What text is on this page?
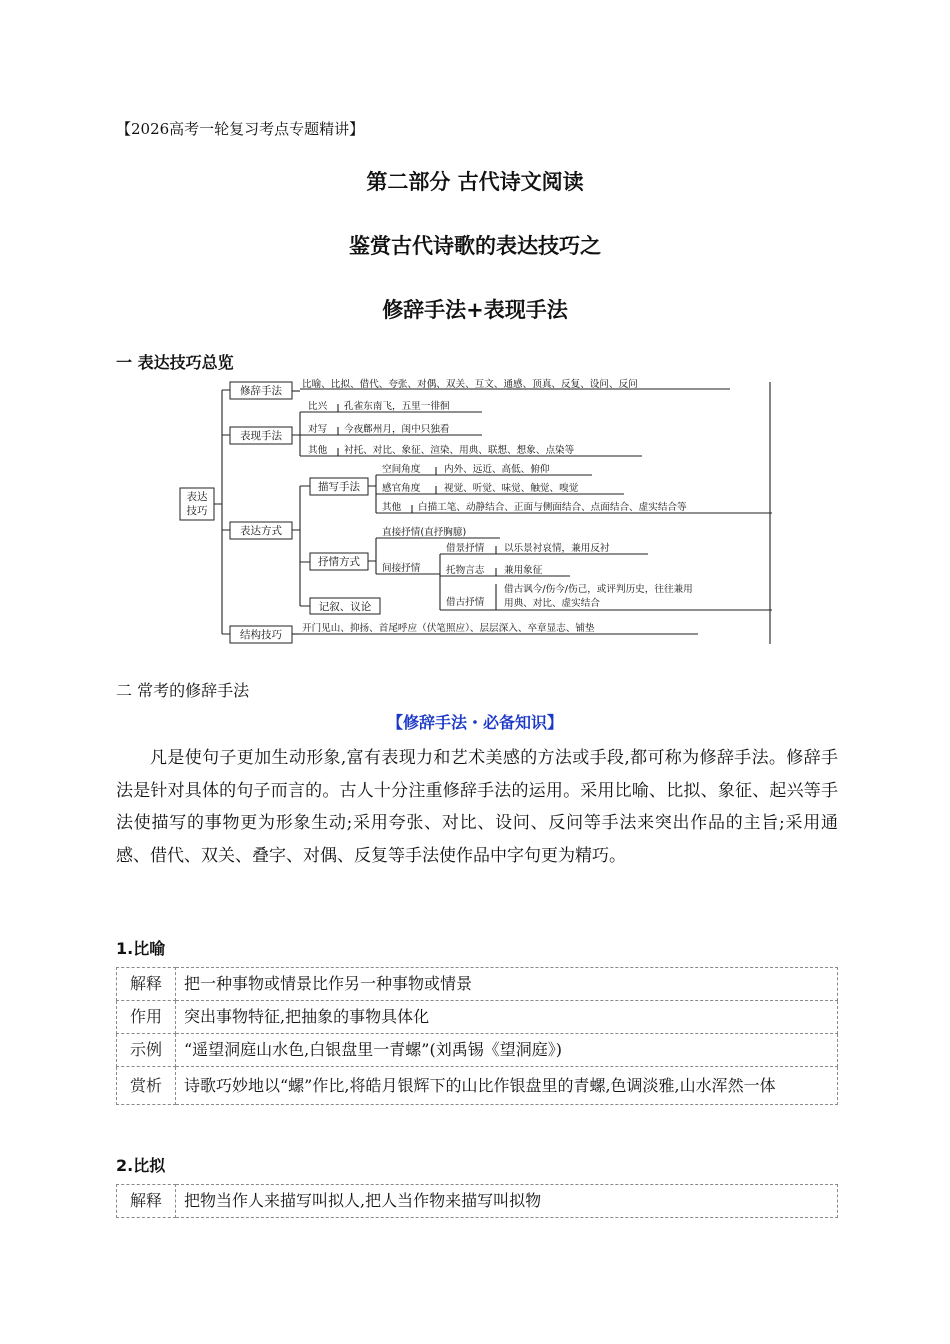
【2026高考一轮复习考点专题精讲】
第二部分 古代诗文阅读
鉴赏古代诗歌的表达技巧之
修辞手法+表现手法
一 表达技巧总览
表达
技巧
表达技巧
修辞手法
比喻、比拟、借代、夸张、对偶、双关、互文、通感、顶真、反复、设问、反问
表现手法
比兴 孔雀东南飞，五里一徘徊
对写 今夜鄜州月，闺中只独看
其他 衬托、对比、象征、渲染、用典、联想、想象、点染等
表达方式
描写手法
空间角度 内外、远近、高低、俯仰
感官角度 视觉、听觉、味觉、触觉、嗅觉
其他 白描工笔、动静结合、正面与侧面结合、点面结合、虚实结合等
抒情方式
直接抒情(直抒胸臆)
间接抒情
借景抒情 以乐景衬哀情，兼用反衬
托物言志 兼用象征
借古抒情
借古讽今/伤今/伤己，或评判历史，往往兼用
用典、对比、虚实结合
记叙、议论
结构技巧
开门见山、抑扬、首尾呼应（伏笔照应）、层层深入、卒章显志、铺垫
二 常考的修辞手法
【修辞手法・必备知识】
凡是使句子更加生动形象,富有表现力和艺术美感的方法或手段,都可称为修辞手法。修辞手法是针对具体的句子而言的。古人十分注重修辞手法的运用。采用比喻、比拟、象征、起兴等手法使描写的事物更为形象生动;采用夸张、对比、设问、反问等手法来突出作品的主旨;采用通感、借代、双关、叠字、对偶、反复等手法使作品中字句更为精巧。
1.比喻
解释	把一种事物或情景比作另一种事物或情景
作用	突出事物特征,把抽象的事物具体化
示例	“遥望洞庭山水色,白银盘里一青螺”(刘禹锡《望洞庭》)
赏析	诗歌巧妙地以“螺”作比,将皓月银辉下的山比作银盘里的青螺,色调淡雅,山水浑然一体
2.比拟
解释	把物当作人来描写叫拟人,把人当作物来描写叫拟物
